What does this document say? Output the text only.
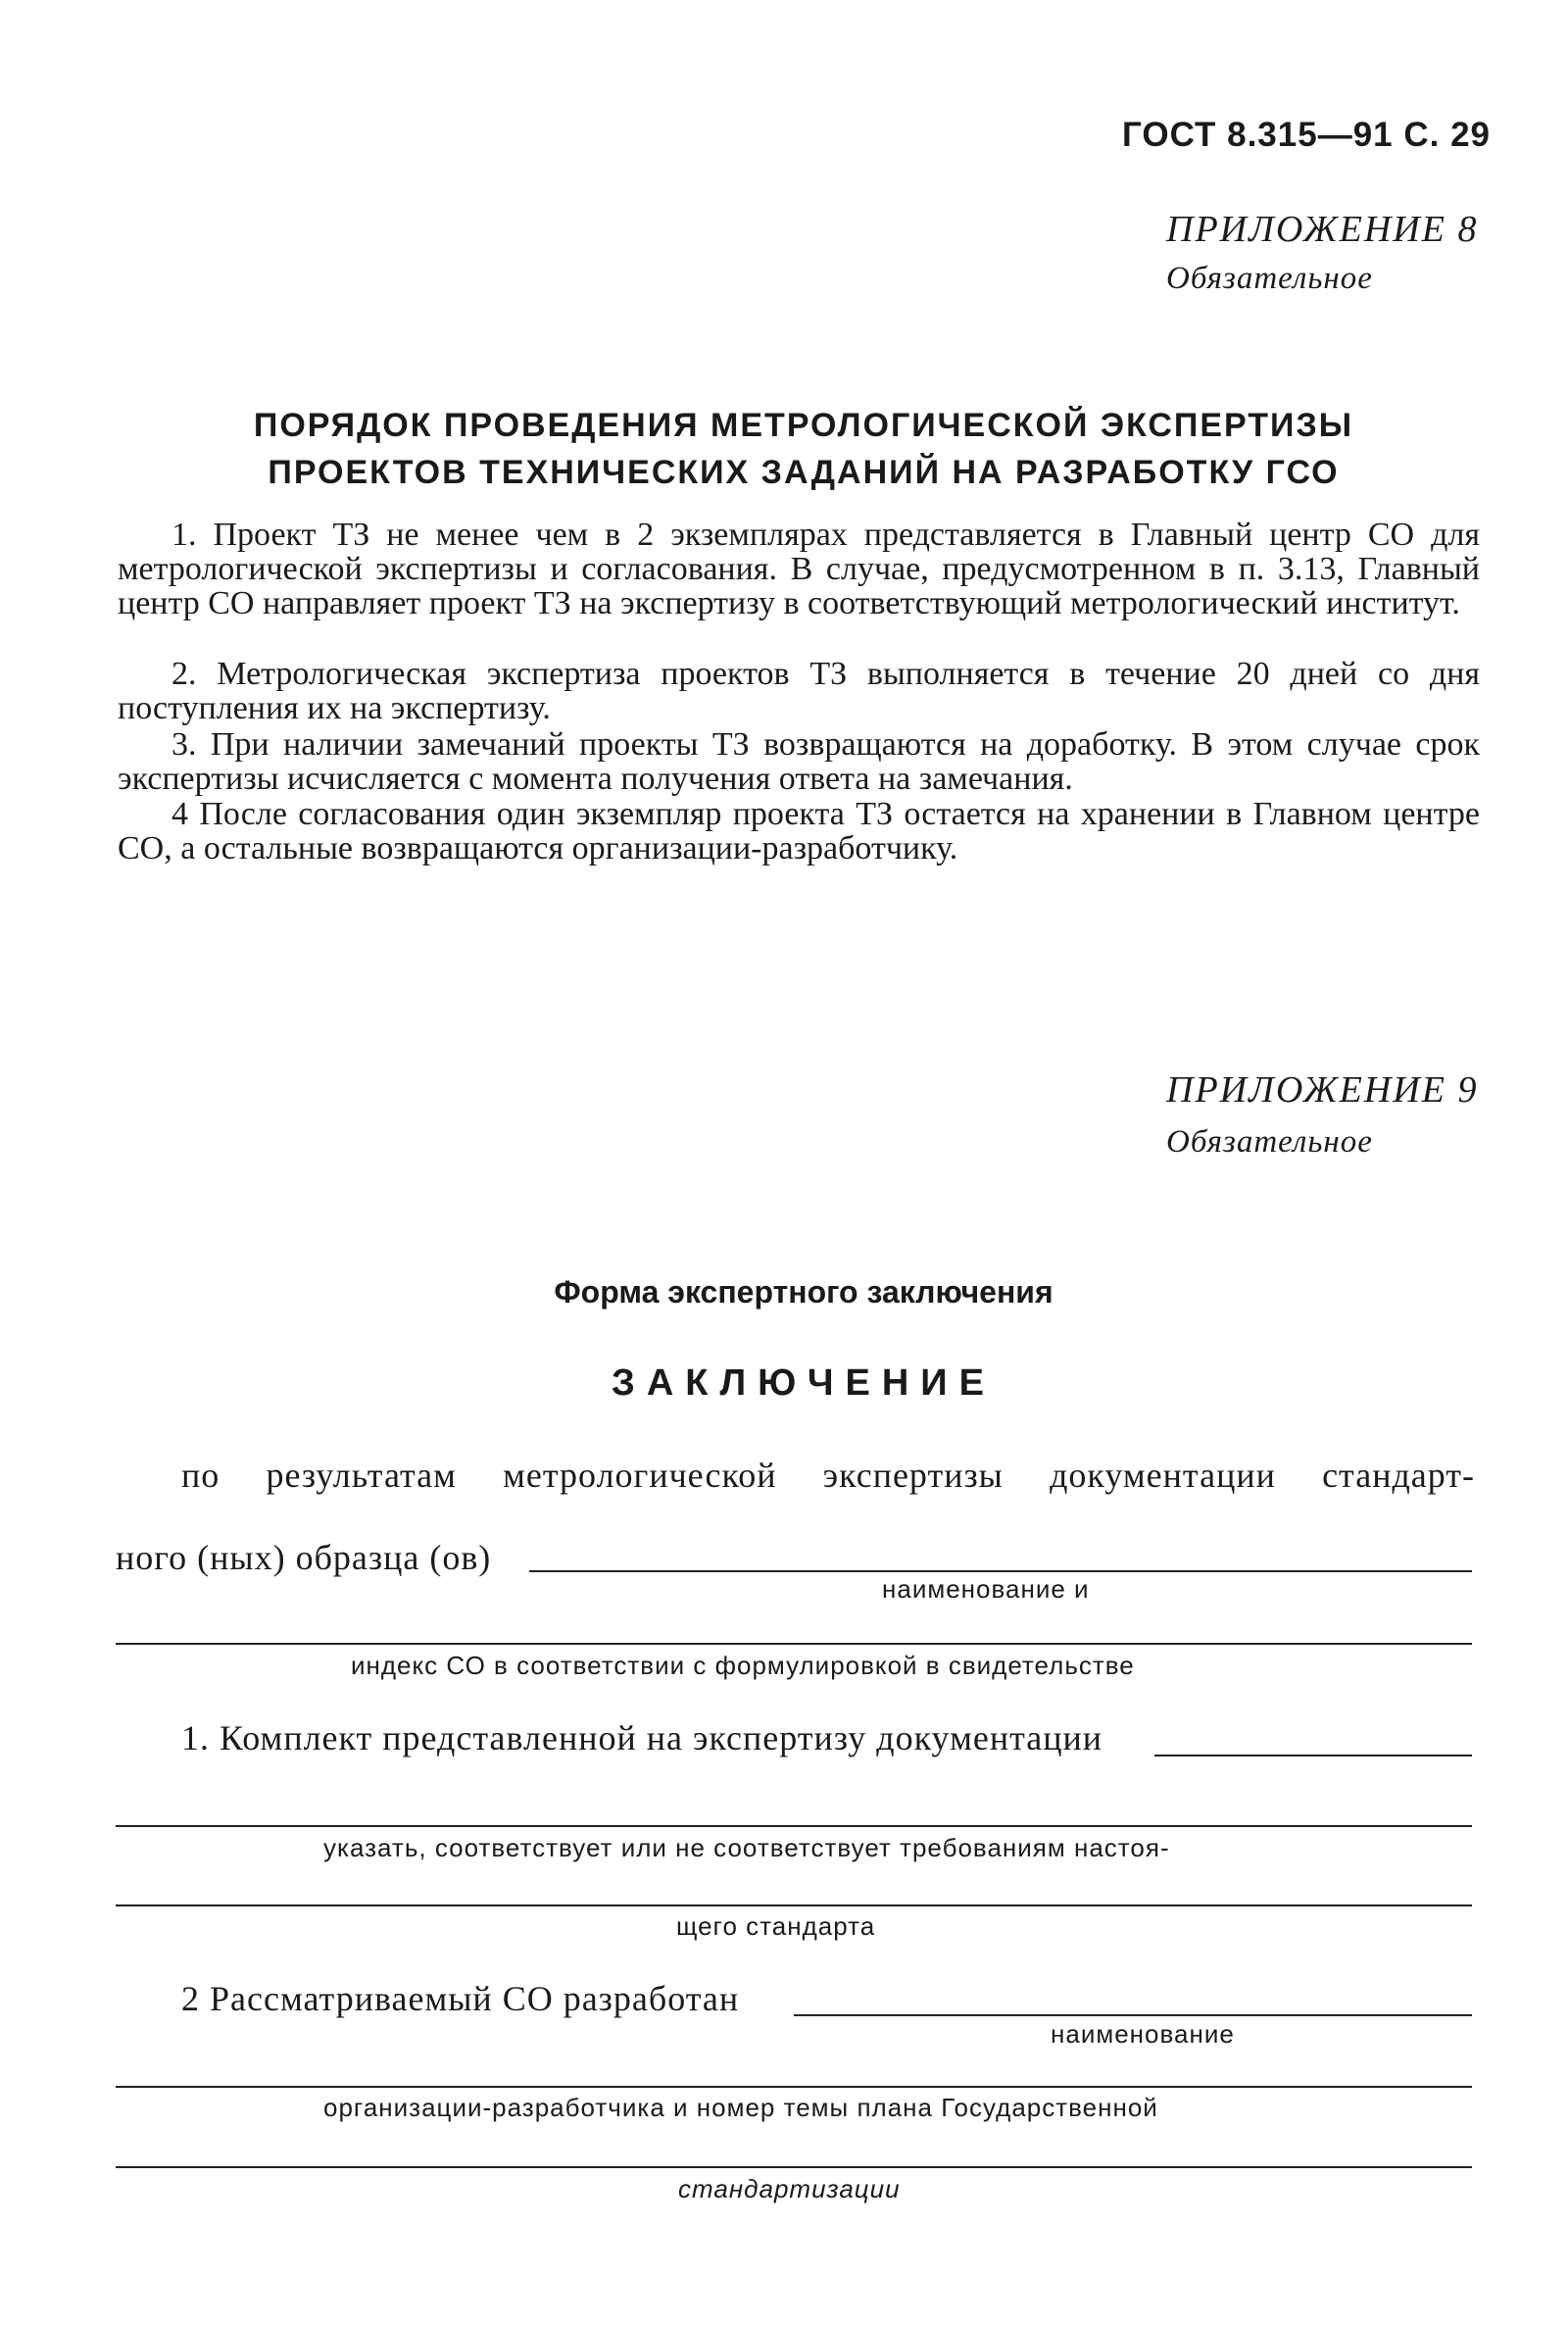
ГОСТ 8.315—91 С. 29
ПРИЛОЖЕНИЕ 8
Обязательное
ПОРЯДОК ПРОВЕДЕНИЯ МЕТРОЛОГИЧЕСКОЙ ЭКСПЕРТИЗЫ
ПРОЕКТОВ ТЕХНИЧЕСКИХ ЗАДАНИЙ НА РАЗРАБОТКУ ГСО
1. Проект ТЗ не менее чем в 2 экземплярах представляется в Главный центр СО для метрологической экспертизы и согласования. В случае, предусмотренном в п. 3.13, Главный центр СО направляет проект ТЗ на экспертизу в соответствующий метрологический институт.
2. Метрологическая экспертиза проектов ТЗ выполняется в течение 20 дней со дня поступления их на экспертизу.
3. При наличии замечаний проекты ТЗ возвращаются на доработку. В этом случае срок экспертизы исчисляется с момента получения ответа на замечания.
4 После согласования один экземпляр проекта ТЗ остается на хранении в Главном центре СО, а остальные возвращаются организации-разработчику.
ПРИЛОЖЕНИЕ 9
Обязательное
Форма экспертного заключения
ЗАКЛЮЧЕНИЕ
по результатам метрологической экспертизы документации стандарт-
ного (ных) образца (ов)
наименование и
индекс СО в соответствии с формулировкой в свидетельстве
1. Комплект представленной на экспертизу документации
указать, соответствует или не соответствует требованиям настоя-
щего стандарта
2 Рассматриваемый СО разработан
наименование
организации-разработчика и номер темы плана Государственной
стандартизации
